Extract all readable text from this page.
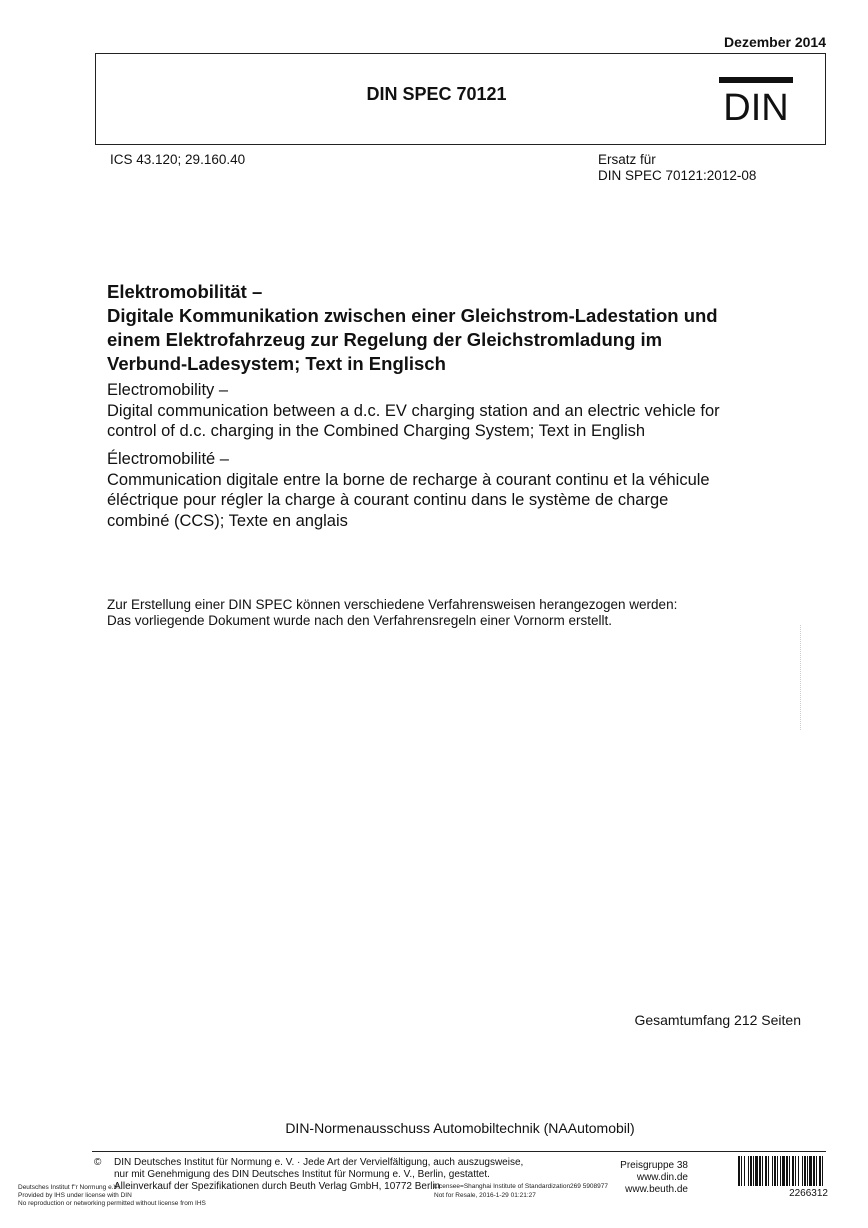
Dezember 2014
DIN SPEC 70121	DIN
ICS 43.120; 29.160.40	Ersatz für
DIN SPEC 70121:2012-08
Elektromobilität –
Digitale Kommunikation zwischen einer Gleichstrom-Ladestation und
einem Elektrofahrzeug zur Regelung der Gleichstromladung im
Verbund-Ladesystem; Text in Englisch
Electromobility –
Digital communication between a d.c. EV charging station and an electric vehicle for
control of d.c. charging in the Combined Charging System; Text in English
Électromobilité –
Communication digitale entre la borne de recharge à courant continu et la véhicule
éléctrique pour régler la charge à courant continu dans le système de charge
combiné (CCS); Texte en anglais
Zur Erstellung einer DIN SPEC können verschiedene Verfahrensweisen herangezogen werden:
Das vorliegende Dokument wurde nach den Verfahrensregeln einer Vornorm erstellt.
Gesamtumfang 212 Seiten
DIN-Normenausschuss Automobiltechnik (NAAutomobil)
© DIN Deutsches Institut für Normung e. V. · Jede Art der Vervielfältigung, auch auszugsweise,
nur mit Genehmigung des DIN Deutsches Institut für Normung e. V., Berlin, gestattet.
Alleinverkauf der Spezifikationen durch Beuth Verlag GmbH, 10772 Berlin
Preisgruppe 38
www.din.de
www.beuth.de	2266312
Deutsches Institut f"r Normung e.V.
Provided by IHS under license with DIN
No reproduction or networking permitted without license from IHS
Licensee=Shanghai Institute of Standardization269 5908977
Not for Resale, 2016-1-29 01:21:27
